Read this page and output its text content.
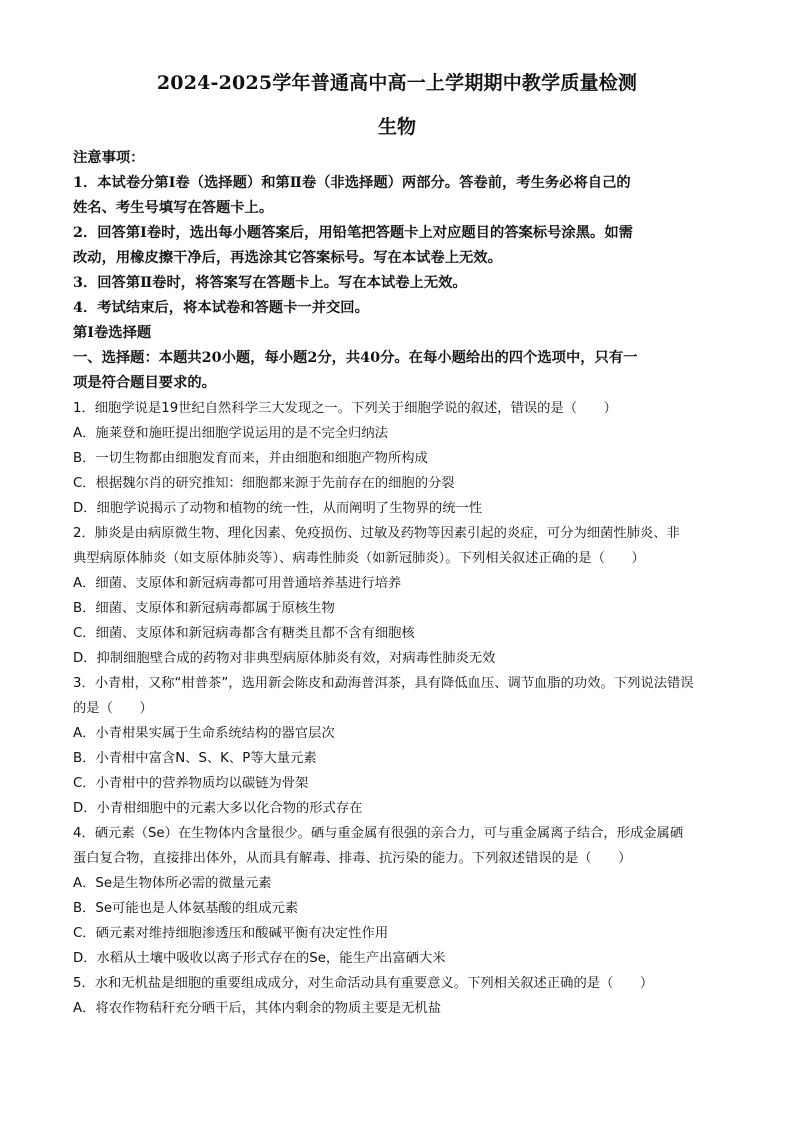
2024-2025学年普通高中高一上学期期中教学质量检测
生物
注意事项：
1．本试卷分第Ⅰ卷（选择题）和第Ⅱ卷（非选择题）两部分。答卷前，考生务必将自己的
姓名、考生号填写在答题卡上。
2．回答第Ⅰ卷时，选出每小题答案后，用铅笔把答题卡上对应题目的答案标号涂黑。如需
改动，用橡皮擦干净后，再选涂其它答案标号。写在本试卷上无效。
3．回答第Ⅱ卷时，将答案写在答题卡上。写在本试卷上无效。
4．考试结束后，将本试卷和答题卡一并交回。
第Ⅰ卷选择题
一、选择题：本题共20小题，每小题2分，共40分。在每小题给出的四个选项中，只有一
项是符合题目要求的。
1．细胞学说是19世纪自然科学三大发现之一。下列关于细胞学说的叙述，错误的是（　　）
A．施莱登和施旺提出细胞学说运用的是不完全归纳法
B．一切生物都由细胞发育而来，并由细胞和细胞产物所构成
C．根据魏尔肖的研究推知：细胞都来源于先前存在的细胞的分裂
D．细胞学说揭示了动物和植物的统一性，从而阐明了生物界的统一性
2．肺炎是由病原微生物、理化因素、免疫损伤、过敏及药物等因素引起的炎症，可分为细菌性肺炎、非
典型病原体肺炎（如支原体肺炎等）、病毒性肺炎（如新冠肺炎）。下列相关叙述正确的是（　　）
A．细菌、支原体和新冠病毒都可用普通培养基进行培养
B．细菌、支原体和新冠病毒都属于原核生物
C．细菌、支原体和新冠病毒都含有糖类且都不含有细胞核
D．抑制细胞壁合成的药物对非典型病原体肺炎有效，对病毒性肺炎无效
3．小青柑，又称“柑普茶”，选用新会陈皮和勐海普洱茶，具有降低血压、调节血脂的功效。下列说法错误
的是（　　）
A．小青柑果实属于生命系统结构的器官层次
B．小青柑中富含N、S、K、P等大量元素
C．小青柑中的营养物质均以碳链为骨架
D．小青柑细胞中的元素大多以化合物的形式存在
4．硒元素（Se）在生物体内含量很少。硒与重金属有很强的亲合力，可与重金属离子结合，形成金属硒
蛋白复合物，直接排出体外，从而具有解毒、排毒、抗污染的能力。下列叙述错误的是（　　）
A．Se是生物体所必需的微量元素
B．Se可能也是人体氨基酸的组成元素
C．硒元素对维持细胞渗透压和酸碱平衡有决定性作用
D．水稻从土壤中吸收以离子形式存在的Se，能生产出富硒大米
5．水和无机盐是细胞的重要组成成分，对生命活动具有重要意义。下列相关叙述正确的是（　　）
A．将农作物秸秆充分晒干后，其体内剩余的物质主要是无机盐
